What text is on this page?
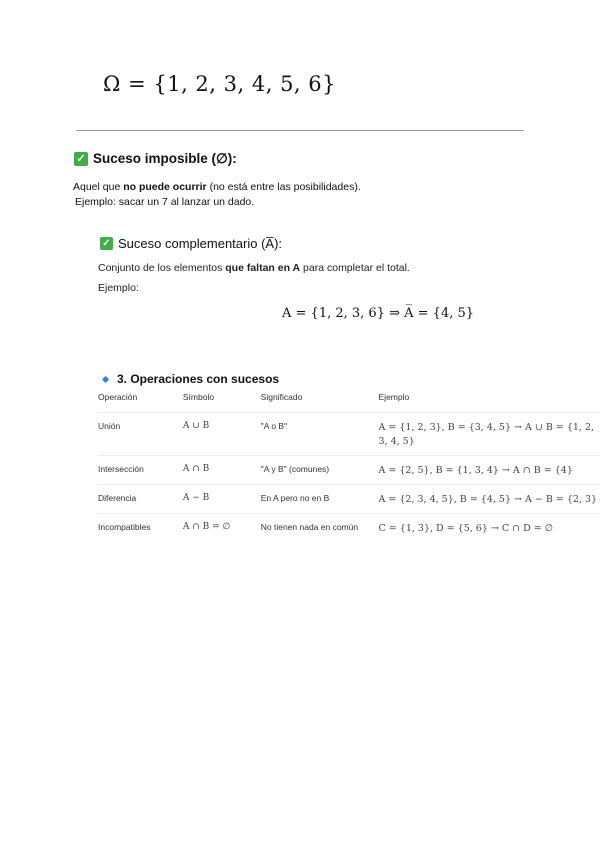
Ω = {1, 2, 3, 4, 5, 6}
✓ Suceso imposible (∅):
Aquel que no puede ocurrir (no está entre las posibilidades).
Ejemplo: sacar un 7 al lanzar un dado.
✓ Suceso complementario (A̅):
Conjunto de los elementos que faltan en A para completar el total.
Ejemplo:
A = {1, 2, 3, 6} ⇒ A̅ = {4, 5}
3. Operaciones con sucesos
Operación	Símbolo	Significado	Ejemplo
Unión	A ∪ B	"A o B"	A = {1, 2, 3}, B = {3, 4, 5} → A ∪ B = {1, 2, 3, 4, 5}
Intersección	A ∩ B	"A y B" (comunes)	A = {2, 5}, B = {1, 3, 4} → A ∩ B = {4}
Diferencia	A − B	En A pero no en B	A = {2, 3, 4, 5}, B = {4, 5} → A − B = {2, 3}
Incompatibles	A ∩ B = ∅	No tienen nada en común	C = {1, 3}, D = {5, 6} → C ∩ D = ∅
